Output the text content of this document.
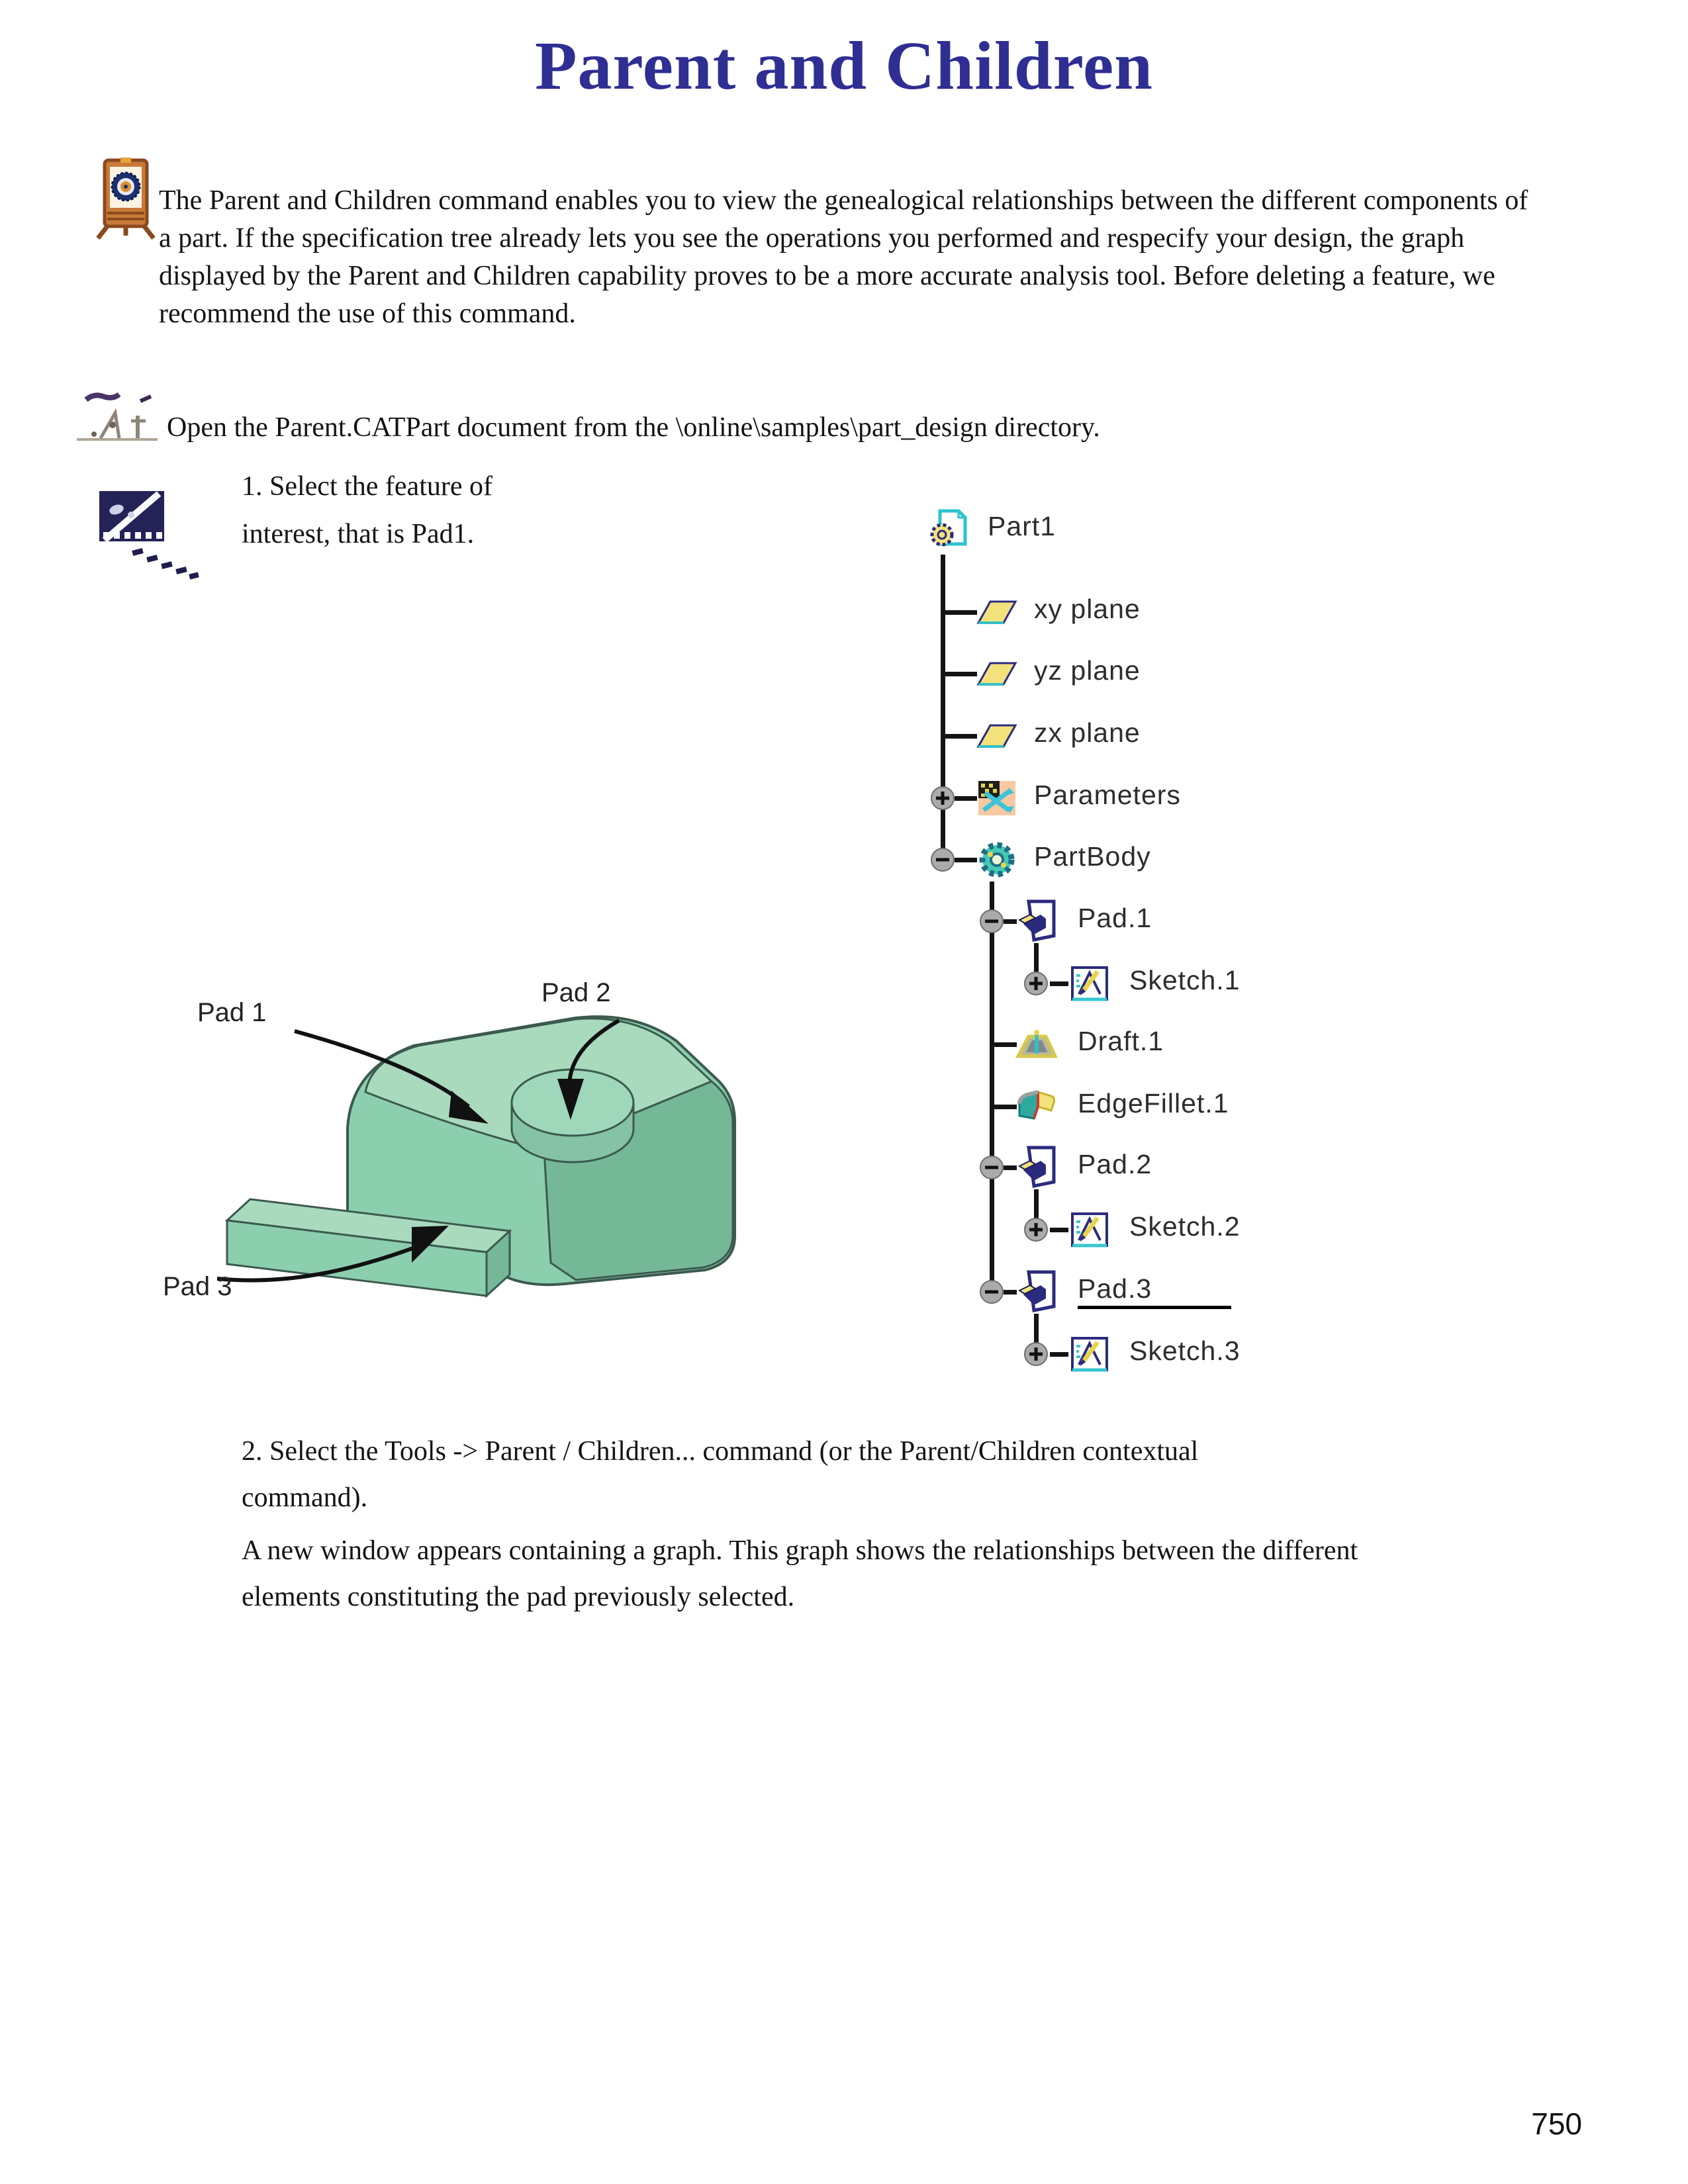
Parent and Children
The Parent and Children command enables you to view the genealogical relationships between the different components of a part. If the specification tree already lets you see the operations you performed and respecify your design, the graph displayed by the Parent and Children capability proves to be a more accurate analysis tool. Before deleting a feature, we recommend the use of this command.
Open the Parent.CATPart document from the \online\samples\part_design directory.
1. Select the feature of
interest, that is Pad1.
Pad 1
Pad 2
Pad 3
Part1
xy plane
yz plane
zx plane
Parameters
PartBody
Pad.1
Sketch.1
Draft.1
EdgeFillet.1
Pad.2
Sketch.2
Pad.3
Sketch.3
2. Select the Tools -> Parent / Children... command (or the Parent/Children contextual
command).
A new window appears containing a graph. This graph shows the relationships between the different elements constituting the pad previously selected.
750
